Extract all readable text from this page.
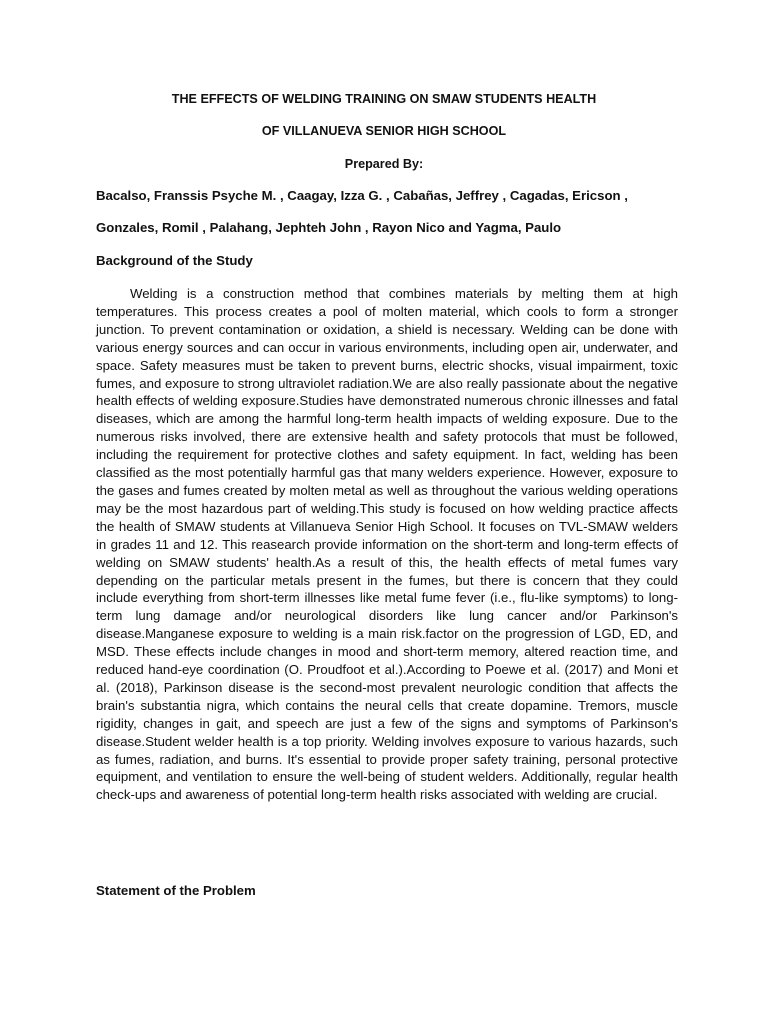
THE EFFECTS OF WELDING TRAINING ON SMAW STUDENTS HEALTH
OF VILLANUEVA SENIOR HIGH SCHOOL
Prepared By:
Bacalso, Franssis Psyche M. , Caagay, Izza G. , Cabañas, Jeffrey , Cagadas, Ericson ,
Gonzales, Romil , Palahang, Jephteh John , Rayon Nico and Yagma, Paulo
Background of the Study

Welding is a construction method that combines materials by melting them at high temperatures. This process creates a pool of molten material, which cools to form a stronger junction. To prevent contamination or oxidation, a shield is necessary. Welding can be done with various energy sources and can occur in various environments, including open air, underwater, and space. Safety measures must be taken to prevent burns, electric shocks, visual impairment, toxic fumes, and exposure to strong ultraviolet radiation.We are also really passionate about the negative health effects of welding exposure.Studies have demonstrated numerous chronic illnesses and fatal diseases, which are among the harmful long-term health impacts of welding exposure. Due to the numerous risks involved, there are extensive health and safety protocols that must be followed, including the requirement for protective clothes and safety equipment. In fact, welding has been classified as the most potentially harmful gas that many welders experience. However, exposure to the gases and fumes created by molten metal as well as throughout the various welding operations may be the most hazardous part of welding.This study is focused on how welding practice affects the health of SMAW students at Villanueva Senior High School. It focuses on TVL-SMAW welders in grades 11 and 12. This reasearch provide information on the short-term and long-term effects of welding on SMAW students' health.As a result of this, the health effects of metal fumes vary depending on the particular metals present in the fumes, but there is concern that they could include everything from short-term illnesses like metal fume fever (i.e., flu-like symptoms) to long-term lung damage and/or neurological disorders like lung cancer and/or Parkinson's disease.Manganese exposure to welding is a main risk.factor on the progression of LGD, ED, and MSD. These effects include changes in mood and short-term memory, altered reaction time, and reduced hand-eye coordination (O. Proudfoot et al.).According to Poewe et al. (2017) and Moni et al. (2018), Parkinson disease is the second-most prevalent neurologic condition that affects the brain's substantia nigra, which contains the neural cells that create dopamine. Tremors, muscle rigidity, changes in gait, and speech are just a few of the signs and symptoms of Parkinson's disease.Student welder health is a top priority. Welding involves exposure to various hazards, such as fumes, radiation, and burns. It's essential to provide proper safety training, personal protective equipment, and ventilation to ensure the well-being of student welders. Additionally, regular health check-ups and awareness of potential long-term health risks associated with welding are crucial.

Statement of the Problem
